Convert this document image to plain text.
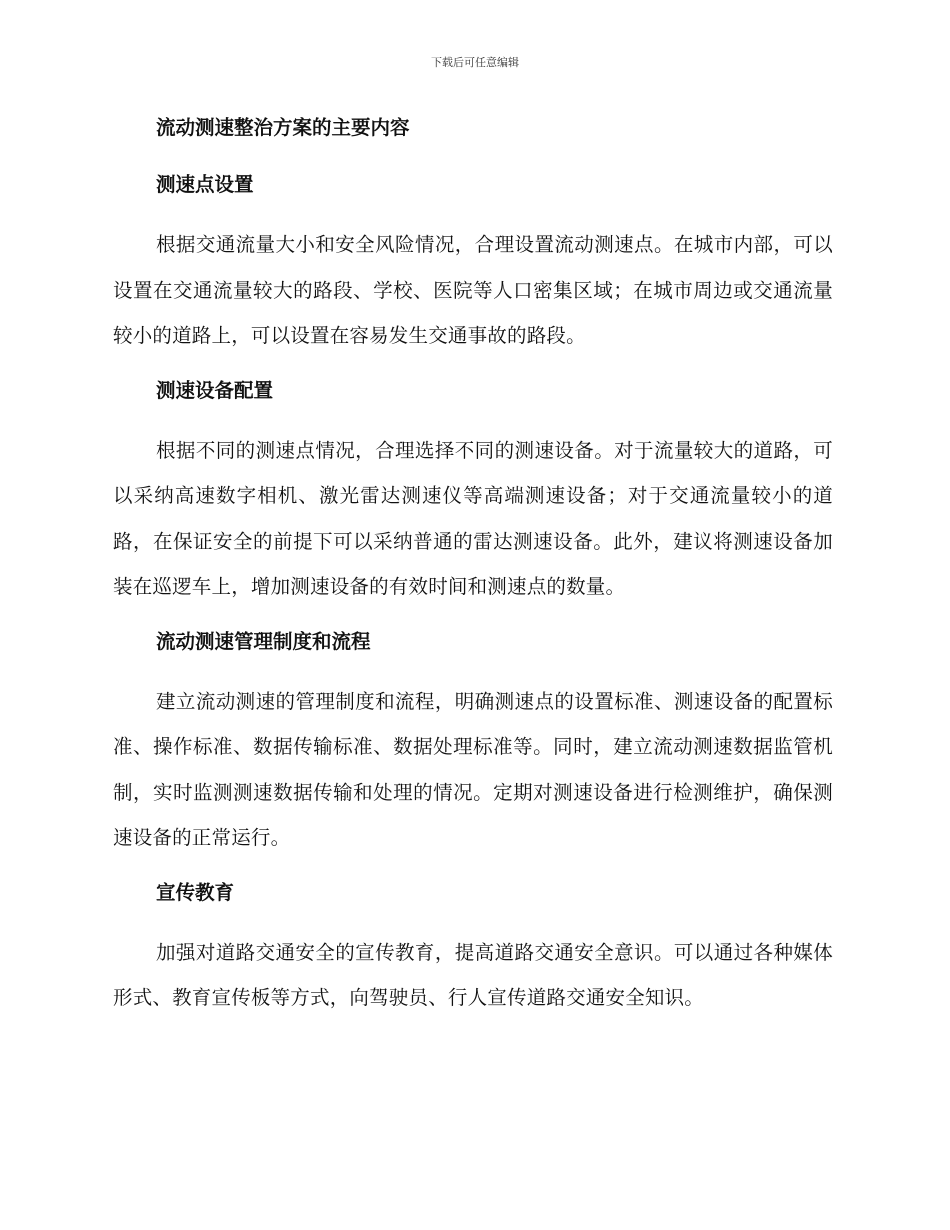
下载后可任意编辑
流动测速整治方案的主要内容
测速点设置

根据交通流量大小和安全风险情况，合理设置流动测速点。在城市内部，可以设置在交通流量较大的路段、学校、医院等人口密集区域；在城市周边或交通流量较小的道路上，可以设置在容易发生交通事故的路段。

测速设备配置

根据不同的测速点情况，合理选择不同的测速设备。对于流量较大的道路，可以采纳高速数字相机、激光雷达测速仪等高端测速设备；对于交通流量较小的道路，在保证安全的前提下可以采纳普通的雷达测速设备。此外，建议将测速设备加装在巡逻车上，增加测速设备的有效时间和测速点的数量。

流动测速管理制度和流程

建立流动测速的管理制度和流程，明确测速点的设置标准、测速设备的配置标准、操作标准、数据传输标准、数据处理标准等。同时，建立流动测速数据监管机制，实时监测测速数据传输和处理的情况。定期对测速设备进行检测维护，确保测速设备的正常运行。

宣传教育

加强对道路交通安全的宣传教育，提高道路交通安全意识。可以通过各种媒体形式、教育宣传板等方式，向驾驶员、行人宣传道路交通安全知识。
